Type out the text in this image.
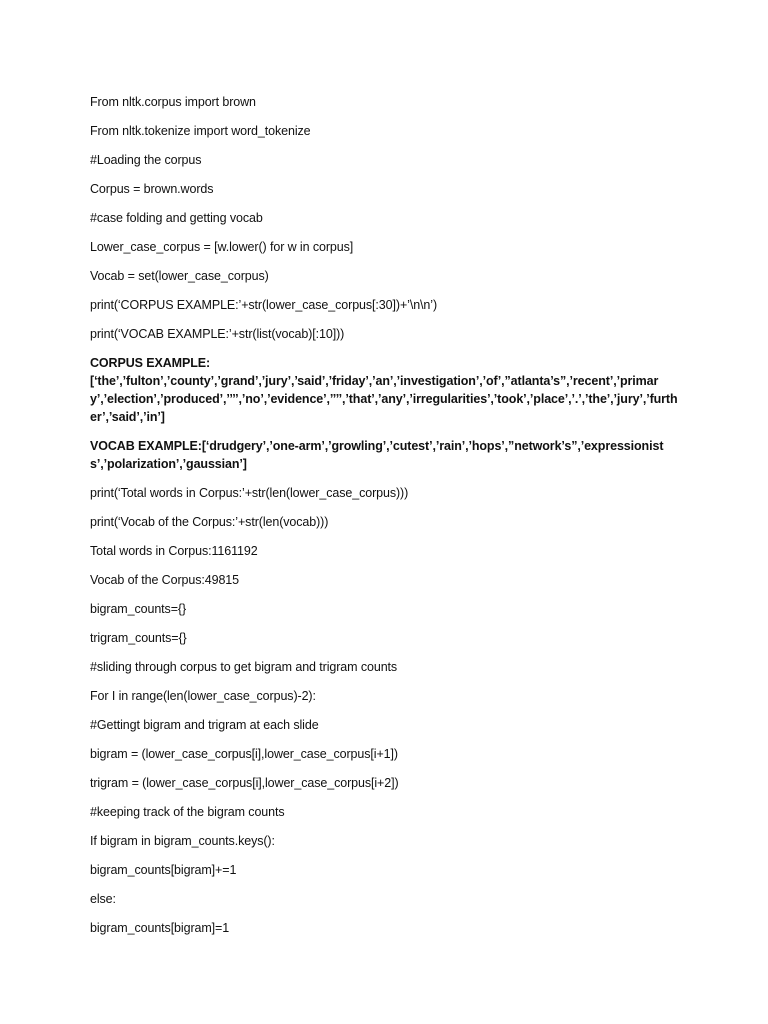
From nltk.corpus import brown
From nltk.tokenize import word_tokenize
#Loading the corpus
Corpus = brown.words
#case folding and getting vocab
Lower_case_corpus = [w.lower() for w in corpus]
Vocab = set(lower_case_corpus)
print(‘CORPUS EXAMPLE:’+str(lower_case_corpus[:30])+’\n\n’)
print(‘VOCAB EXAMPLE:’+str(list(vocab)[:10]))
CORPUS EXAMPLE:
[‘the’,’fulton’,’county’,’grand’,’jury’,’said’,’friday’,’an’,’investigation’,’of’,”atlanta’s”,’recent’,’primary’,’election’,’produced’,’’’’,’no’,’evidence’,’’’’,’that’,’any’,’irregularities’,’took’,’place’,’.’,’the’,’jury’,’further’,’said’,’in’]
VOCAB EXAMPLE:[‘drudgery’,’one-arm’,’growling’,’cutest’,’rain’,’hops’,”network’s”,’expressionists’,’polarization’,’gaussian’]
print(‘Total words in Corpus:’+str(len(lower_case_corpus)))
print(‘Vocab of the Corpus:’+str(len(vocab)))
Total words in Corpus:1161192
Vocab of the Corpus:49815
bigram_counts={}
trigram_counts={}
#sliding through corpus to get bigram and trigram counts
For I in range(len(lower_case_corpus)-2):
#Gettingt bigram and trigram at each slide
bigram = (lower_case_corpus[i],lower_case_corpus[i+1])
trigram = (lower_case_corpus[i],lower_case_corpus[i+2])
#keeping track of the bigram counts
If bigram in bigram_counts.keys():
bigram_counts[bigram]+=1
else:
bigram_counts[bigram]=1
